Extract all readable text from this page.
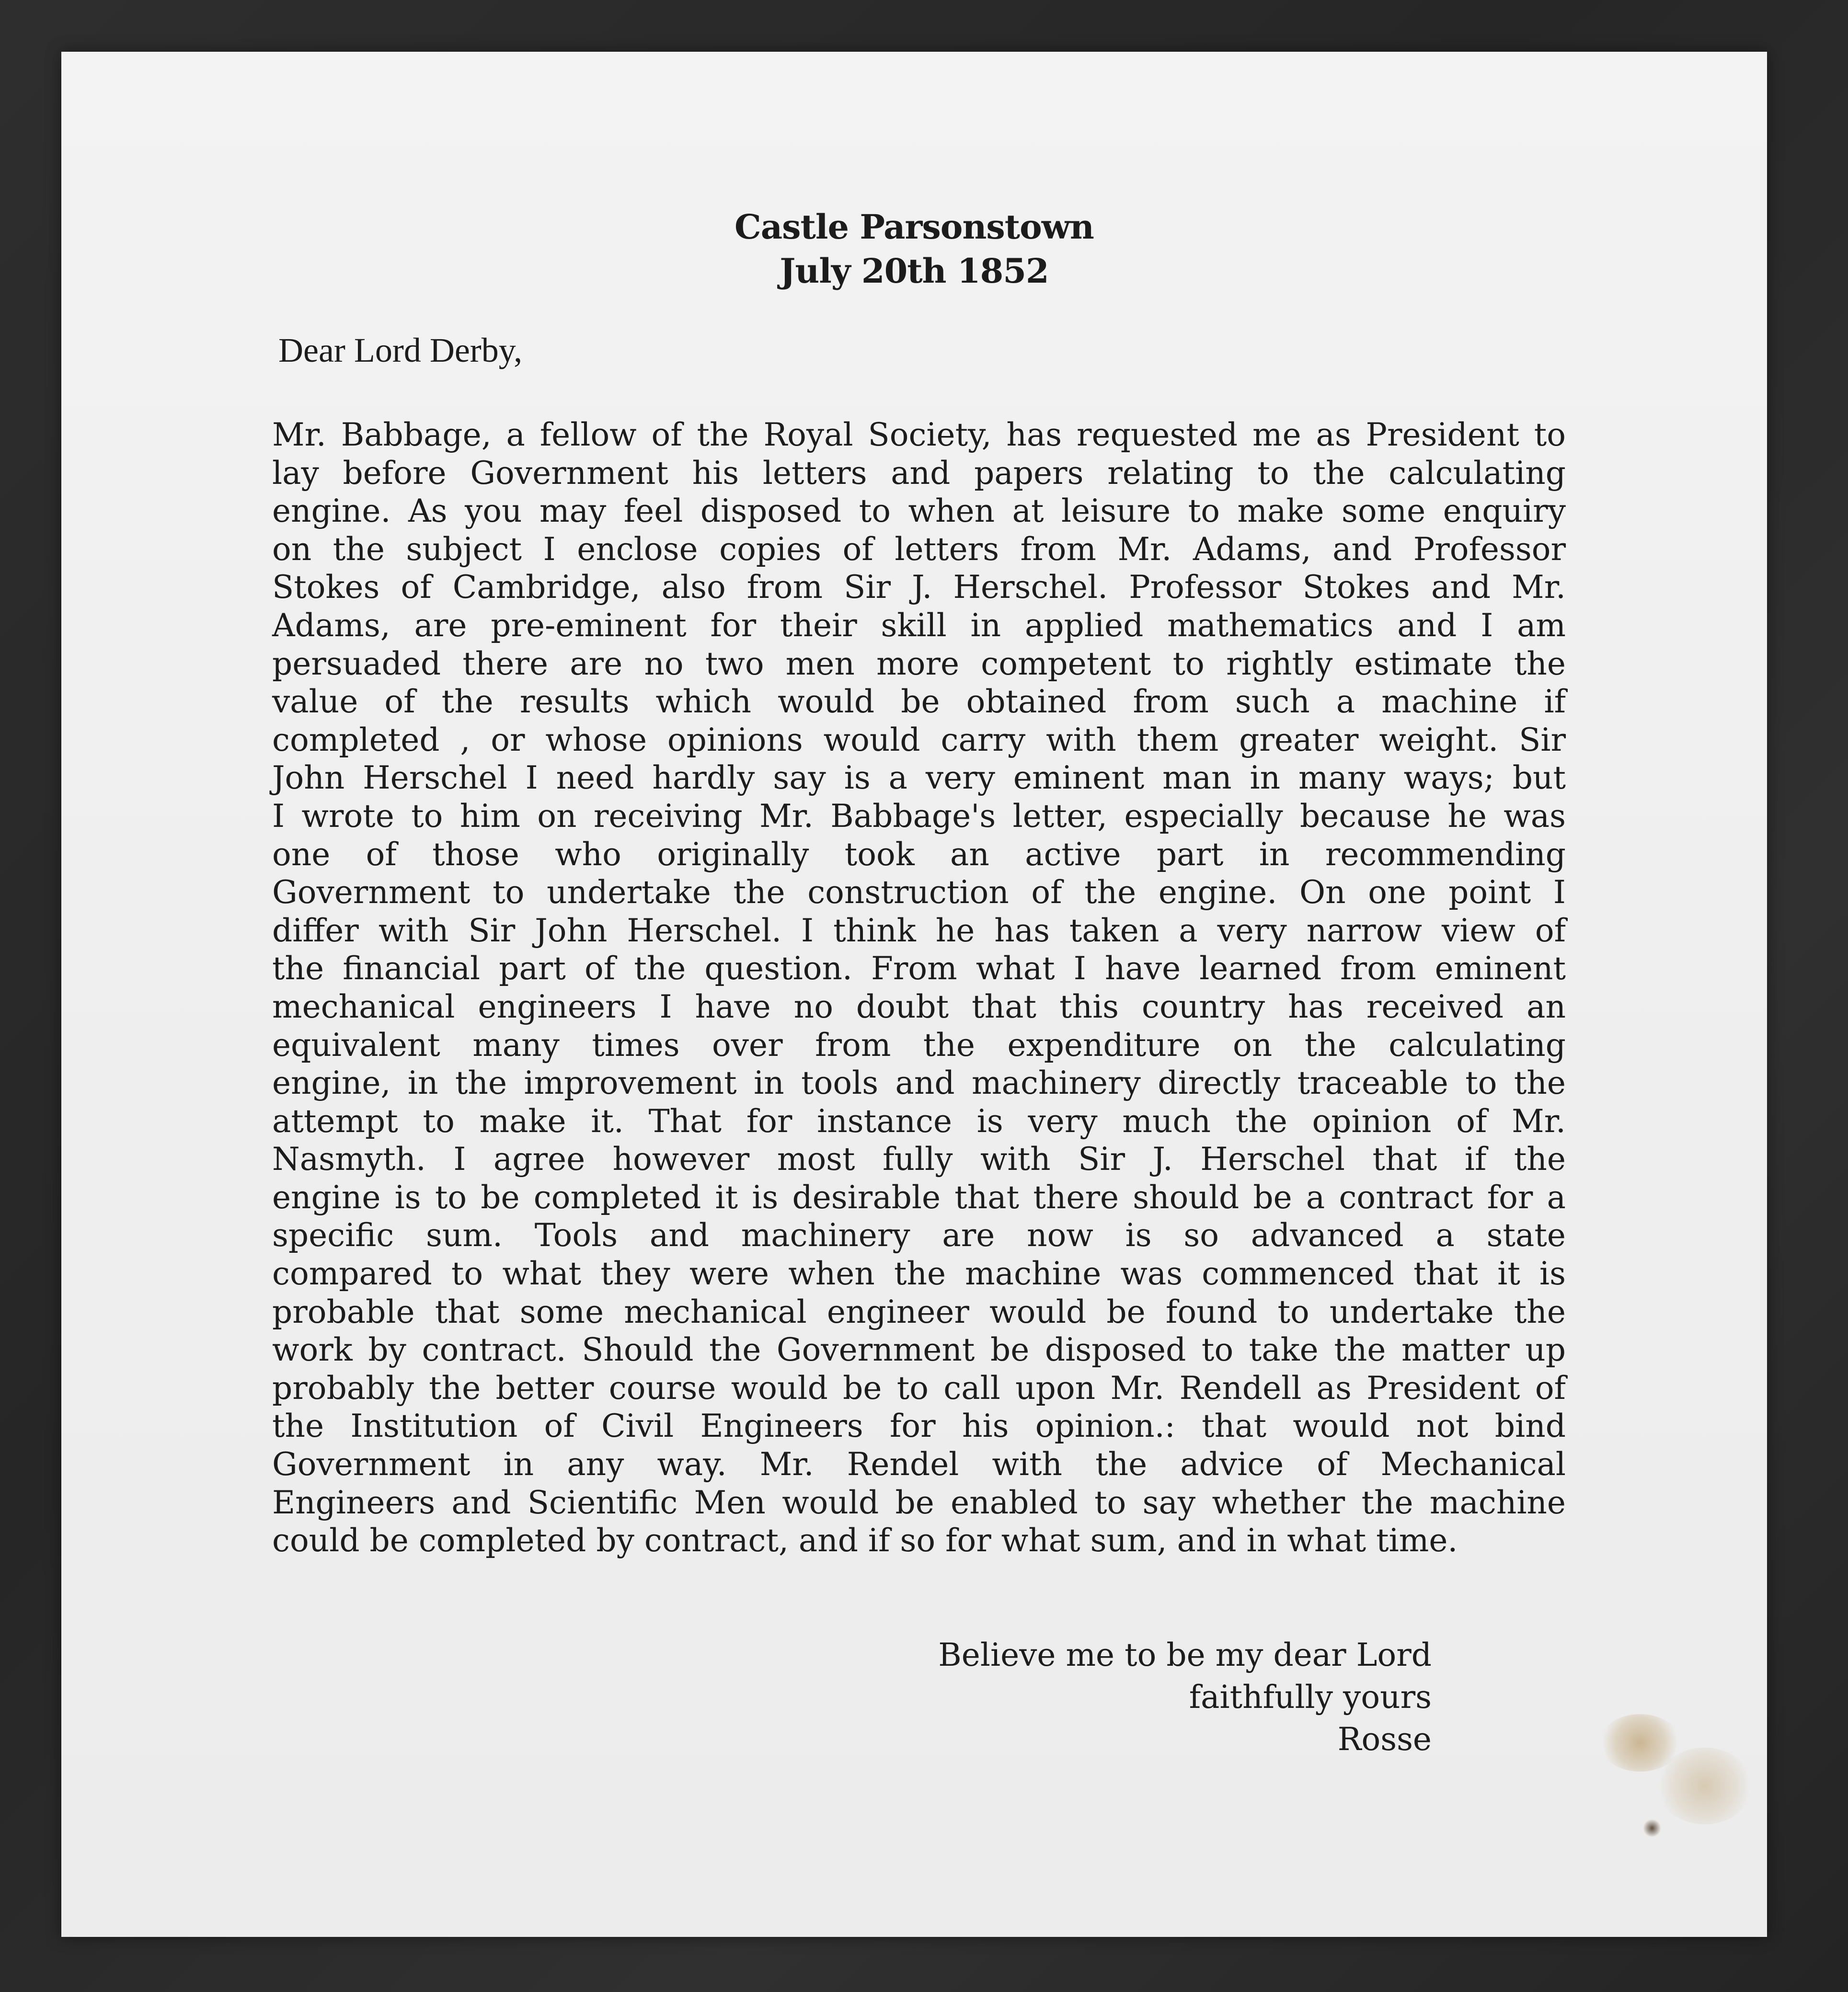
Castle Parsonstown
July 20th 1852
Dear Lord Derby,
Mr. Babbage, a fellow of the Royal Society, has requested me as President to
lay before Government his letters and papers relating to the calculating
engine. As you may feel disposed to when at leisure to make some enquiry
on the subject I enclose copies of letters from Mr. Adams, and Professor
Stokes of Cambridge, also from Sir J. Herschel. Professor Stokes and Mr.
Adams, are pre-eminent for their skill in applied mathematics and I am
persuaded there are no two men more competent to rightly estimate the
value of the results which would be obtained from such a machine if
completed , or whose opinions would carry with them greater weight. Sir
John Herschel I need hardly say is a very eminent man in many ways; but
I wrote to him on receiving Mr. Babbage's letter, especially because he was
one of those who originally took an active part in recommending
Government to undertake the construction of the engine. On one point I
differ with Sir John Herschel. I think he has taken a very narrow view of
the financial part of the question. From what I have learned from eminent
mechanical engineers I have no doubt that this country has received an
equivalent many times over from the expenditure on the calculating
engine, in the improvement in tools and machinery directly traceable to the
attempt to make it. That for instance is very much the opinion of Mr.
Nasmyth. I agree however most fully with Sir J. Herschel that if the
engine is to be completed it is desirable that there should be a contract for a
specific sum. Tools and machinery are now is so advanced a state
compared to what they were when the machine was commenced that it is
probable that some mechanical engineer would be found to undertake the
work by contract. Should the Government be disposed to take the matter up
probably the better course would be to call upon Mr. Rendell as President of
the Institution of Civil Engineers for his opinion.: that would not bind
Government in any way. Mr. Rendel with the advice of Mechanical
Engineers and Scientific Men would be enabled to say whether the machine
could be completed by contract, and if so for what sum, and in what time.
Believe me to be my dear Lord
faithfully yours
Rosse
